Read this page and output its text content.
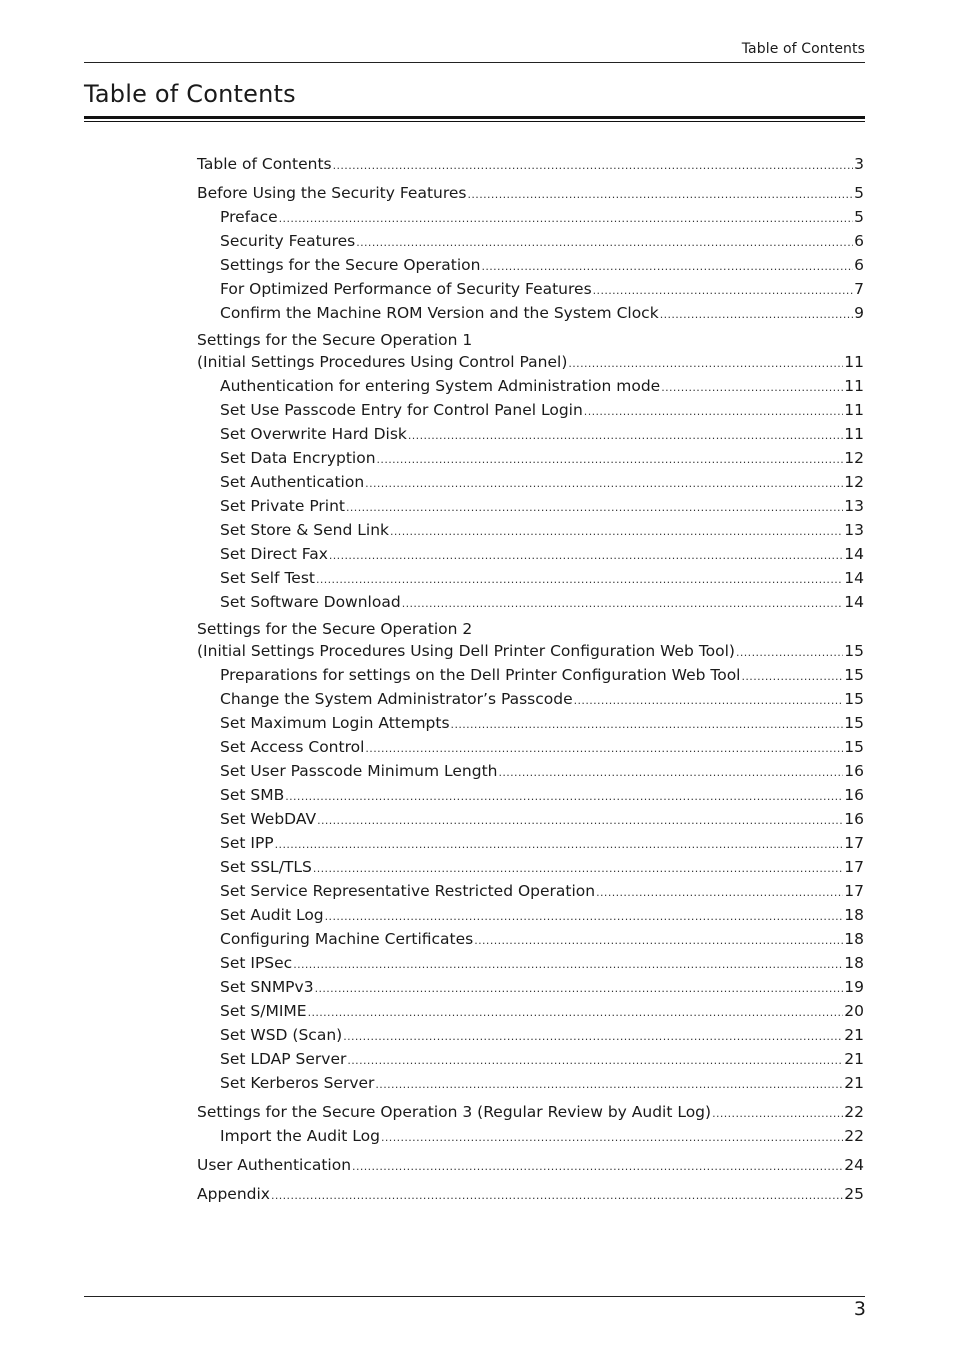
Table of Contents
Table of Contents
Table of Contents .....	3
Before Using the Security Features .....	5
Preface .....	5
Security Features .....	6
Settings for the Secure Operation .....	6
For Optimized Performance of Security Features .....	7
Confirm the Machine ROM Version and the System Clock .....	9
Settings for the Secure Operation 1
(Initial Settings Procedures Using Control Panel) .....	11
Authentication for entering System Administration mode .....	11
Set Use Passcode Entry for Control Panel Login .....	11
Set Overwrite Hard Disk .....	11
Set Data Encryption .....	12
Set Authentication .....	12
Set Private Print .....	13
Set Store & Send Link .....	13
Set Direct Fax .....	14
Set Self Test .....	14
Set Software Download .....	14
Settings for the Secure Operation 2
(Initial Settings Procedures Using Dell Printer Configuration Web Tool) .....	15
Preparations for settings on the Dell Printer Configuration Web Tool .....	15
Change the System Administrator’s Passcode .....	15
Set Maximum Login Attempts .....	15
Set Access Control .....	15
Set User Passcode Minimum Length .....	16
Set SMB .....	16
Set WebDAV .....	16
Set IPP .....	17
Set SSL/TLS .....	17
Set Service Representative Restricted Operation .....	17
Set Audit Log .....	18
Configuring Machine Certificates .....	18
Set IPSec .....	18
Set SNMPv3 .....	19
Set S/MIME .....	20
Set WSD (Scan) .....	21
Set LDAP Server .....	21
Set Kerberos Server .....	21
Settings for the Secure Operation 3 (Regular Review by Audit Log) .....	22
Import the Audit Log .....	22
User Authentication .....	24
Appendix .....	25
3
